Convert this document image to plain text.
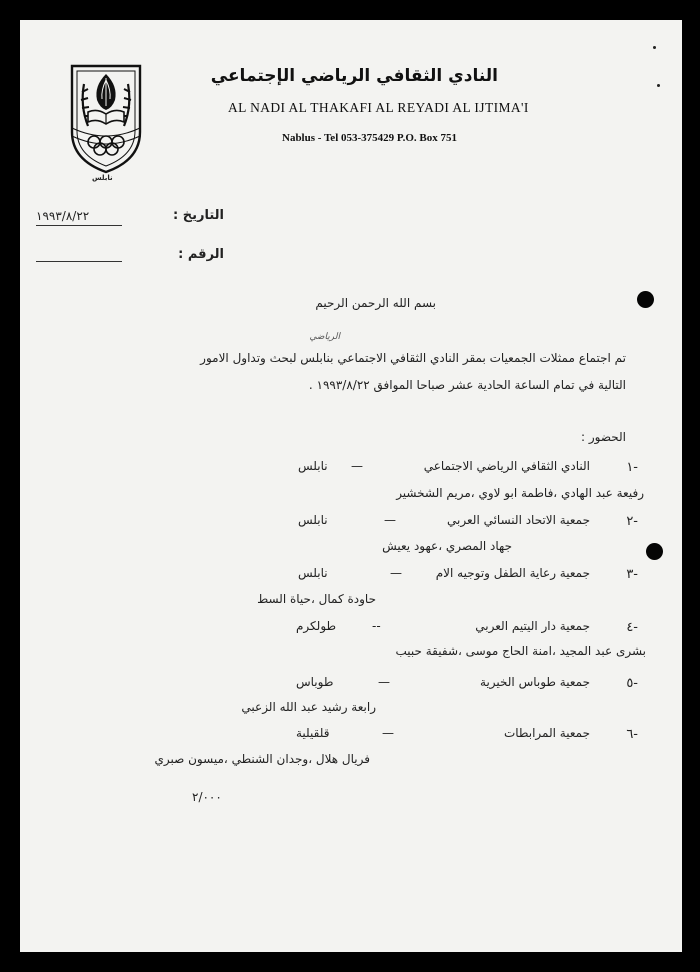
نابلس
النادي الثقافي الرياضي الإجتماعي
AL NADI AL THAKAFI AL REYADI AL IJTIMA'I
Nablus - Tel 053-375429 P.O. Box 751
التاريخ :
١٩٩٣/٨/٢٢
الرقم :
بسم الله الرحمن الرحيم
الرياضي
تم اجتماع ممثلات الجمعيات بمقر النادي الثقافي الاجتماعي بنابلس لبحث وتداول الامور
التالية في تمام الساعة الحادية عشر صباحا الموافق ١٩٩٣/٨/٢٢ .
الحضور :
-١
النادي الثقافي الرياضي الاجتماعي
—
نابلس
رفيعة عبد الهادي ،فاطمة ابو لاوي ،مريم الشخشير
-٢
جمعية الاتحاد النسائي العربي
—
نابلس
جهاد المصري ،عهود يعيش
-٣
جمعية رعاية الطفل وتوجيه الام
—
نابلس
حاودة كمال ،حياة السط
-٤
جمعية دار اليتيم العربي
--
طولكرم
بشرى عبد المجيد ،امنة الحاج موسى ،شفيقة حبيب
-٥
جمعية طوباس الخيرية
—
طوباس
رابعة رشيد عبد الله الزعبي
-٦
جمعية المرابطات
—
قلقيلية
فريال هلال ،وجدان الشنطي ،ميسون صبري
٢/٠٠٠
